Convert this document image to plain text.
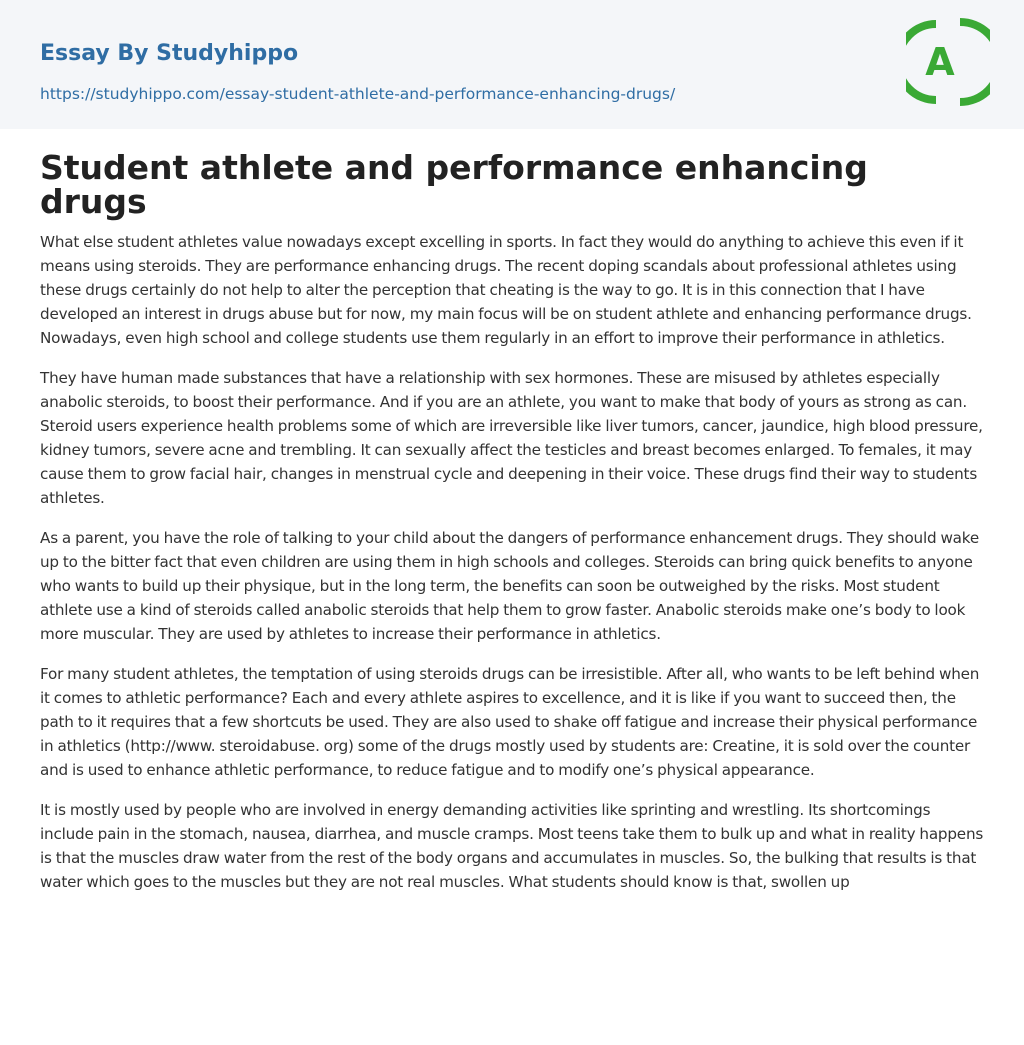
Essay By Studyhippo
https://studyhippo.com/essay-student-athlete-and-performance-enhancing-drugs/
A
Student athlete and performance enhancing drugs

What else student athletes value nowadays except excelling in sports. In fact they would do anything to achieve this even if it means using steroids. They are performance enhancing drugs. The recent doping scandals about professional athletes using these drugs certainly do not help to alter the perception that cheating is the way to go. It is in this connection that I have developed an interest in drugs abuse but for now, my main focus will be on student athlete and enhancing performance drugs. Nowadays, even high school and college students use them regularly in an effort to improve their performance in athletics.

They have human made substances that have a relationship with sex hormones. These are misused by athletes especially anabolic steroids, to boost their performance. And if you are an athlete, you want to make that body of yours as strong as can. Steroid users experience health problems some of which are irreversible like liver tumors, cancer, jaundice, high blood pressure, kidney tumors, severe acne and trembling. It can sexually affect the testicles and breast becomes enlarged. To females, it may cause them to grow facial hair, changes in menstrual cycle and deepening in their voice. These drugs find their way to students athletes.

As a parent, you have the role of talking to your child about the dangers of performance enhancement drugs. They should wake up to the bitter fact that even children are using them in high schools and colleges. Steroids can bring quick benefits to anyone who wants to build up their physique, but in the long term, the benefits can soon be outweighed by the risks. Most student athlete use a kind of steroids called anabolic steroids that help them to grow faster. Anabolic steroids make one’s body to look more muscular. They are used by athletes to increase their performance in athletics.

For many student athletes, the temptation of using steroids drugs can be irresistible. After all, who wants to be left behind when it comes to athletic performance? Each and every athlete aspires to excellence, and it is like if you want to succeed then, the path to it requires that a few shortcuts be used. They are also used to shake off fatigue and increase their physical performance in athletics (http://www. steroidabuse. org) some of the drugs mostly used by students are: Creatine, it is sold over the counter and is used to enhance athletic performance, to reduce fatigue and to modify one’s physical appearance.

It is mostly used by people who are involved in energy demanding activities like sprinting and wrestling. Its shortcomings include pain in the stomach, nausea, diarrhea, and muscle cramps. Most teens take them to bulk up and what in reality happens is that the muscles draw water from the rest of the body organs and accumulates in muscles. So, the bulking that results is that water which goes to the muscles but they are not real muscles. What students should know is that, swollen up
